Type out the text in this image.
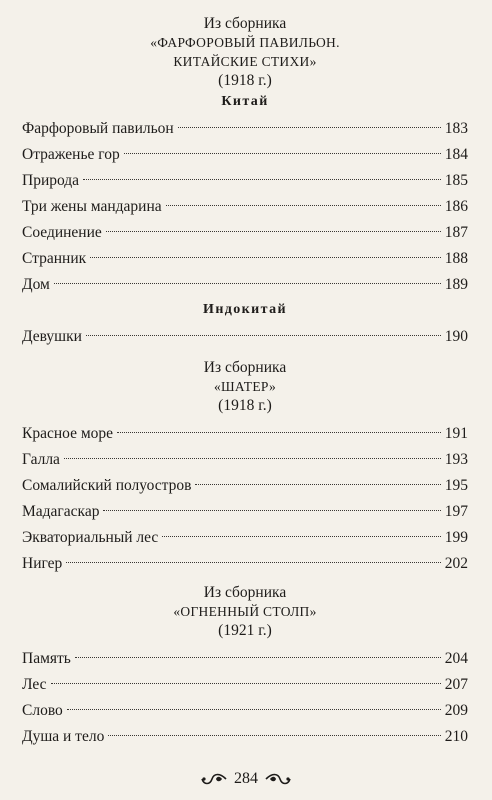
Из сборника
«ФАРФОРОВЫЙ ПАВИЛЬОН.
КИТАЙСКИЕ СТИХИ»
(1918 г.)
Китай
Фарфоровый павильон	183
Отраженье гор	184
Природа	185
Три жены мандарина	186
Соединение	187
Странник	188
Дом	189
Индокитай
Девушки	190
Из сборника
«ШАТЕР»
(1918 г.)
Красное море	191
Галла	193
Сомалийский полуостров	195
Мадагаскар	197
Экваториальный лес	199
Нигер	202
Из сборника
«ОГНЕННЫЙ СТОЛП»
(1921 г.)
Память	204
Лес	207
Слово	209
Душа и тело	210
284
